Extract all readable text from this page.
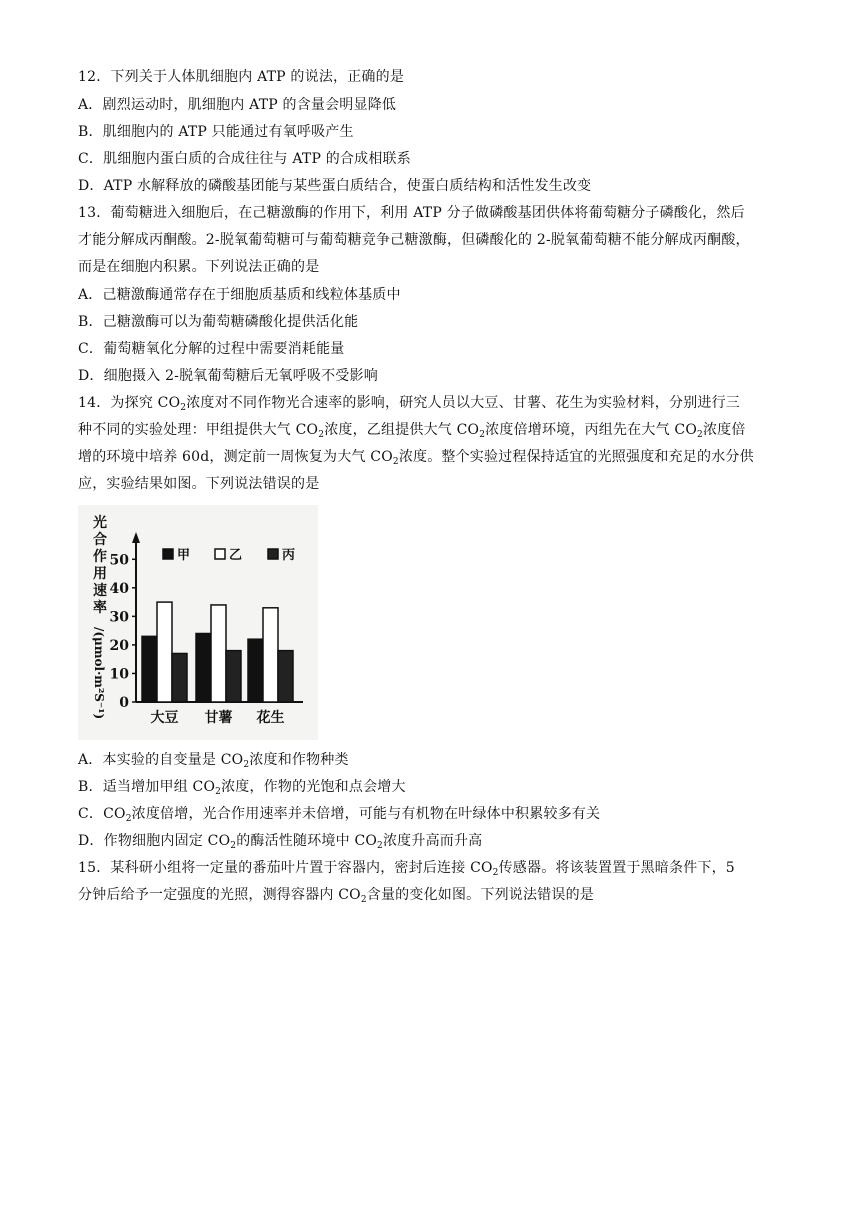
12．下列关于人体肌细胞内 ATP 的说法，正确的是
A．剧烈运动时，肌细胞内 ATP 的含量会明显降低
B．肌细胞内的 ATP 只能通过有氧呼吸产生
C．肌细胞内蛋白质的合成往往与 ATP 的合成相联系
D．ATP 水解释放的磷酸基团能与某些蛋白质结合，使蛋白质结构和活性发生改变
13．葡萄糖进入细胞后，在己糖激酶的作用下，利用 ATP 分子做磷酸基团供体将葡萄糖分子磷酸化，然后
才能分解成丙酮酸。2-脱氧葡萄糖可与葡萄糖竞争己糖激酶，但磷酸化的 2-脱氧葡萄糖不能分解成丙酮酸，
而是在细胞内积累。下列说法正确的是
A．己糖激酶通常存在于细胞质基质和线粒体基质中
B．己糖激酶可以为葡萄糖磷酸化提供活化能
C．葡萄糖氧化分解的过程中需要消耗能量
D．细胞摄入 2-脱氧葡萄糖后无氧呼吸不受影响
14．为探究 $CO_2$浓度对不同作物光合速率的影响，研究人员以大豆、甘薯、花生为实验材料，分别进行三
种不同的实验处理：甲组提供大气 $CO_2$浓度，乙组提供大气 $CO_2$浓度倍增环境，丙组先在大气 $CO_2$浓度倍
增的环境中培养 60d，测定前一周恢复为大气 $CO_2$浓度。整个实验过程保持适宜的光照强度和充足的水分供
应，实验结果如图。下列说法错误的是
0
10
20
30
40
50
光
合
作
用
速
率
/(μmol·m²S⁻¹)	大豆 甘薯 花生
甲	乙	丙
A．本实验的自变量是 $CO_2$浓度和作物种类
B．适当增加甲组 $CO_2$浓度，作物的光饱和点会增大
C．$CO_2$浓度倍增，光合作用速率并未倍增，可能与有机物在叶绿体中积累较多有关
D．作物细胞内固定 $CO_2$的酶活性随环境中 $CO_2$浓度升高而升高
15．某科研小组将一定量的番茄叶片置于容器内，密封后连接 $CO_2$传感器。将该装置置于黑暗条件下，5
分钟后给予一定强度的光照，测得容器内 $CO_2$含量的变化如图。下列说法错误的是
